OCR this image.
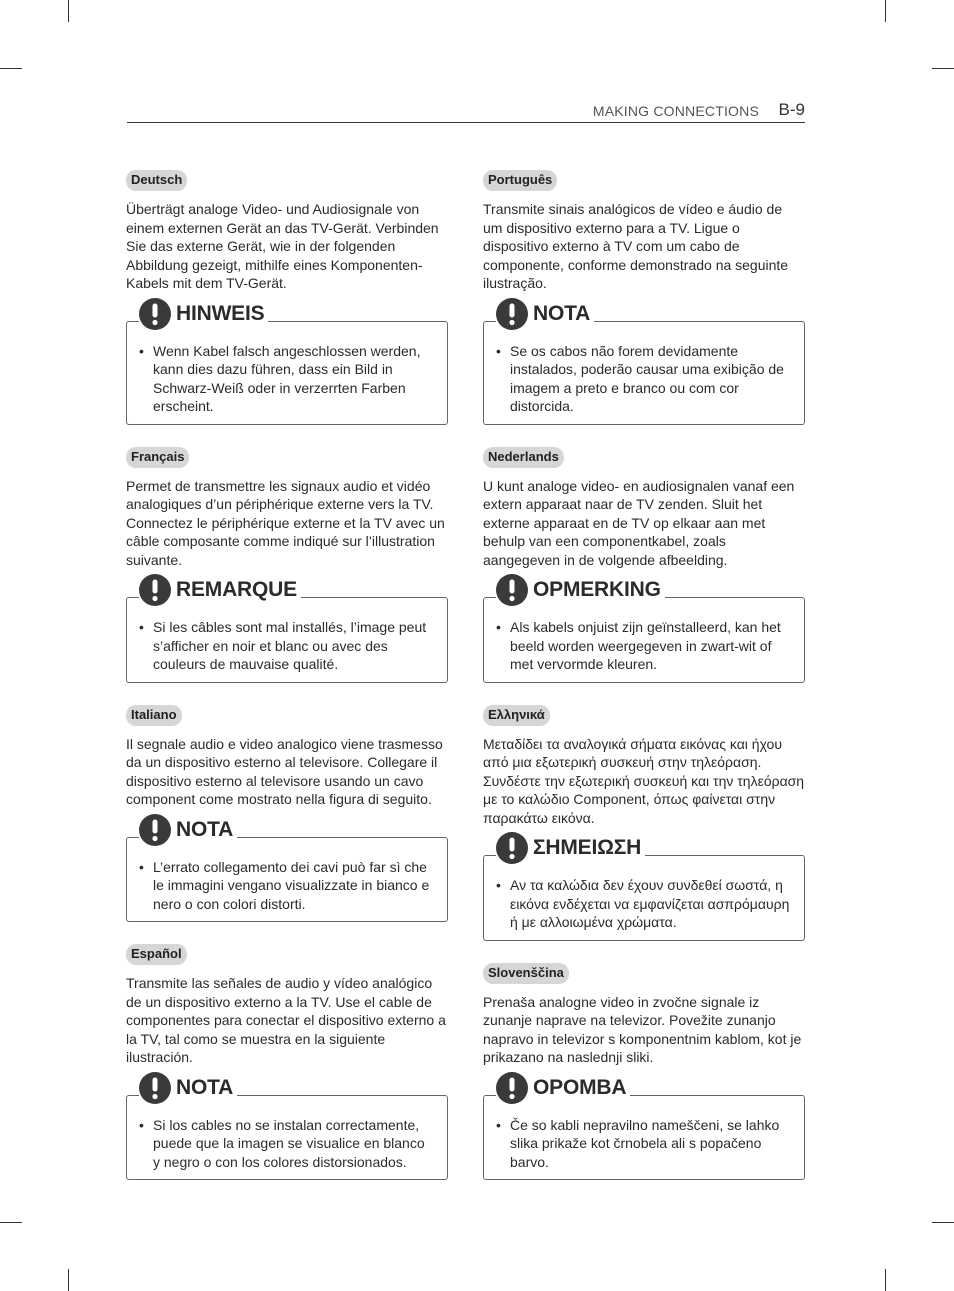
MAKING CONNECTIONS B-9
Deutsch

Überträgt analoge Video- und Audiosignale von einem externen Gerät an das TV-Gerät. Verbinden Sie das externe Gerät, wie in der folgenden Abbildung gezeigt, mithilfe eines Komponenten-Kabels mit dem TV-Gerät.

HINWEIS
• Wenn Kabel falsch angeschlossen werden, kann dies dazu führen, dass ein Bild in Schwarz-Weiß oder in verzerrten Farben erscheint.
Français

Permet de transmettre les signaux audio et vidéo analogiques d’un périphérique externe vers la TV. Connectez le périphérique externe et la TV avec un câble composante comme indiqué sur l’illustration suivante.

REMARQUE
• Si les câbles sont mal installés, l’image peut s’afficher en noir et blanc ou avec des couleurs de mauvaise qualité.
Italiano

Il segnale audio e video analogico viene trasmesso da un dispositivo esterno al televisore. Collegare il dispositivo esterno al televisore usando un cavo component come mostrato nella figura di seguito.

NOTA
• L’errato collegamento dei cavi può far sì che le immagini vengano visualizzate in bianco e nero o con colori distorti.
Español

Transmite las señales de audio y vídeo analógico de un dispositivo externo a la TV. Use el cable de componentes para conectar el dispositivo externo a la TV, tal como se muestra en la siguiente ilustración.

NOTA
• Si los cables no se instalan correctamente, puede que la imagen se visualice en blanco y negro o con los colores distorsionados.
Português

Transmite sinais analógicos de vídeo e áudio de um dispositivo externo para a TV. Ligue o dispositivo externo à TV com um cabo de componente, conforme demonstrado na seguinte ilustração.

NOTA
• Se os cabos não forem devidamente instalados, poderão causar uma exibição de imagem a preto e branco ou com cor distorcida.
Nederlands

U kunt analoge video- en audiosignalen vanaf een extern apparaat naar de TV zenden. Sluit het externe apparaat en de TV op elkaar aan met behulp van een componentkabel, zoals aangegeven in de volgende afbeelding.

OPMERKING
• Als kabels onjuist zijn geïnstalleerd, kan het beeld worden weergegeven in zwart-wit of met vervormde kleuren.
Ελληνικά

Μεταδίδει τα αναλογικά σήματα εικόνας και ήχου από μια εξωτερική συσκευή στην τηλεόραση. Συνδέστε την εξωτερική συσκευή και την τηλεόραση με το καλώδιο Component, όπως φαίνεται στην παρακάτω εικόνα.

ΣΗΜΕΙΩΣΗ
• Αν τα καλώδια δεν έχουν συνδεθεί σωστά, η εικόνα ενδέχεται να εμφανίζεται ασπρόμαυρη ή με αλλοιωμένα χρώματα.
Slovenščina

Prenaša analogne video in zvočne signale iz zunanje naprave na televizor. Povežite zunanjo napravo in televizor s komponentnim kablom, kot je prikazano na naslednji sliki.

OPOMBA
• Če so kabli nepravilno nameščeni, se lahko slika prikaže kot črnobela ali s popačeno barvo.
